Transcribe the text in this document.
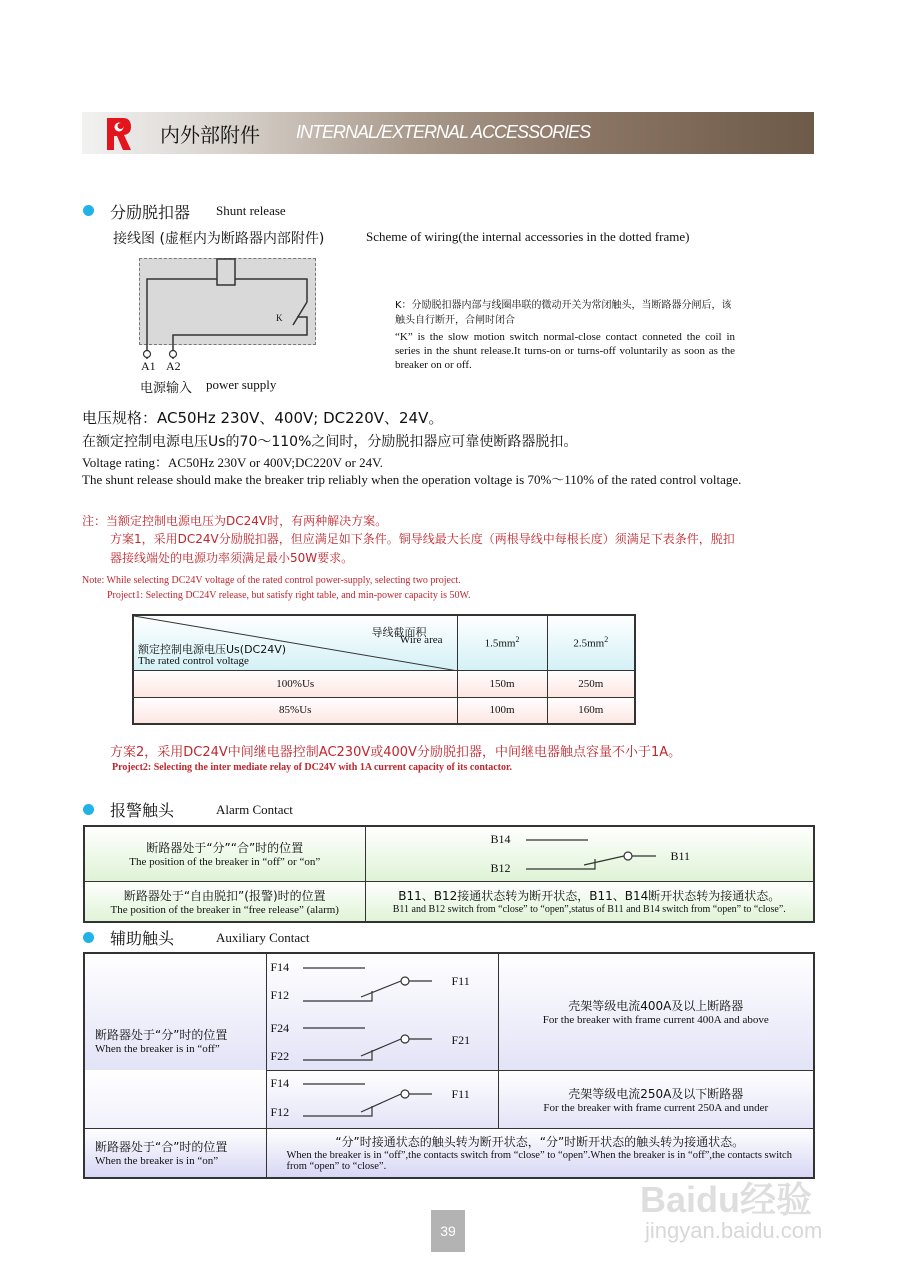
内外部附件 INTERNAL/EXTERNAL ACCESSORIES
分励脱扣器 Shunt release
接线图 (虚框内为断路器内部附件)	Scheme of wiring(the internal accessories in the dotted frame)
K
A1 A2
电源输入 power supply
K：分励脱扣器内部与线圈串联的微动开关为常闭触头，当断路器分闸后，该触头自行断开，合闸时闭合
“K” is the slow motion switch normal-close contact conneted the coil in series in the shunt release.It turns-on or turns-off voluntarily as soon as the breaker on or off.
电压规格：AC50Hz 230V、400V; DC220V、24V。
在额定控制电源电压Us的70～110%之间时，分励脱扣器应可靠使断路器脱扣。
Voltage rating：AC50Hz 230V or 400V;DC220V or 24V.
The shunt release should make the breaker trip reliably when the operation voltage is 70%～110% of the rated control voltage.
注：当额定控制电源电压为DC24V时，有两种解决方案。
方案1，采用DC24V分励脱扣器，但应满足如下条件。铜导线最大长度（两根导线中每根长度）须满足下表条件，脱扣
器接线端处的电源功率须满足最小50W要求。
Note: While selecting DC24V voltage of the rated control power-supply, selecting two project.
Project1: Selecting DC24V release, but satisfy right table, and min-power capacity is 50W.
导线截面积
Wire area
额定控制电源电压Us(DC24V)
The rated control voltage	$1.5mm^2$	$2.5mm^2$
100%Us	150m	250m
85%Us	100m	160m
方案2，采用DC24V中间继电器控制AC230V或400V分励脱扣器，中间继电器触点容量不小于1A。
Project2: Selecting the inter mediate relay of DC24V with 1A current capacity of its contactor.
报警触头	Alarm Contact
断路器处于“分”“合”时的位置
The position of the breaker in “off” or “on”

B14
B12
B11

断路器处于“自由脱扣”(报警)时的位置
The position of the breaker in “free release” (alarm)

B11、B12接通状态转为断开状态，B11、B14断开状态转为接通状态。
B11 and B12 switch from “close” to “open”,status of B11 and B14 switch from “open” to “close”.
辅助触头	Auxiliary Contact
断路器处于“分”时的位置
When the breaker is in “off”

F14
F12
F11
F24
F22
F21

壳架等级电流400A及以上断路器
For the breaker with frame current 400A and above

F14
F12
F11	壳架等级电流250A及以下断路器
For the breaker with frame current 250A and under

断路器处于“合”时的位置
When the breaker is in “on”

“分”时接通状态的触头转为断开状态，“分”时断开状态的触头转为接通状态。
When the breaker is in “off”,the contacts switch from “close” to “open”.When the breaker is in “off”,the contacts switch from “open” to “close”.
39
Baidu经验
jingyan.baidu.com
